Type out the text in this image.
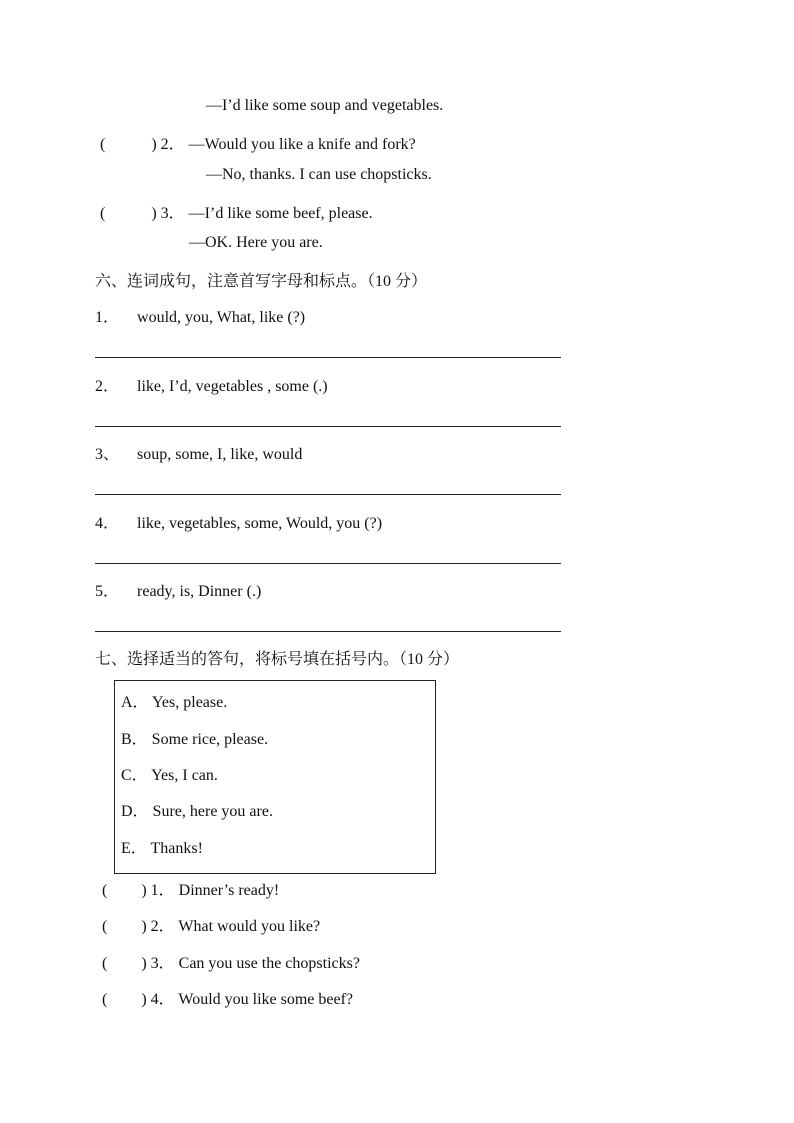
—I’d like some soup and vegetables.
(	) 2． —Would you like a knife and fork?
—No, thanks. I can use chopsticks.
(	) 3． —I’d like some beef, please.
—OK. Here you are.
六、连词成句，注意首写字母和标点。（10 分）
1． would, you, What, like (?)
2． like, I’d, vegetables , some (.)
3、 soup, some, I, like, would
4． like, vegetables, some, Would, you (?)
5． ready, is, Dinner (.)
七、选择适当的答句，将标号填在括号内。（10 分）
A． Yes, please.
B． Some rice, please.
C． Yes, I can.
D． Sure, here you are.
E． Thanks!
( ) 1． Dinner’s ready!
( ) 2． What would you like?
( ) 3． Can you use the chopsticks?
( ) 4． Would you like some beef?
